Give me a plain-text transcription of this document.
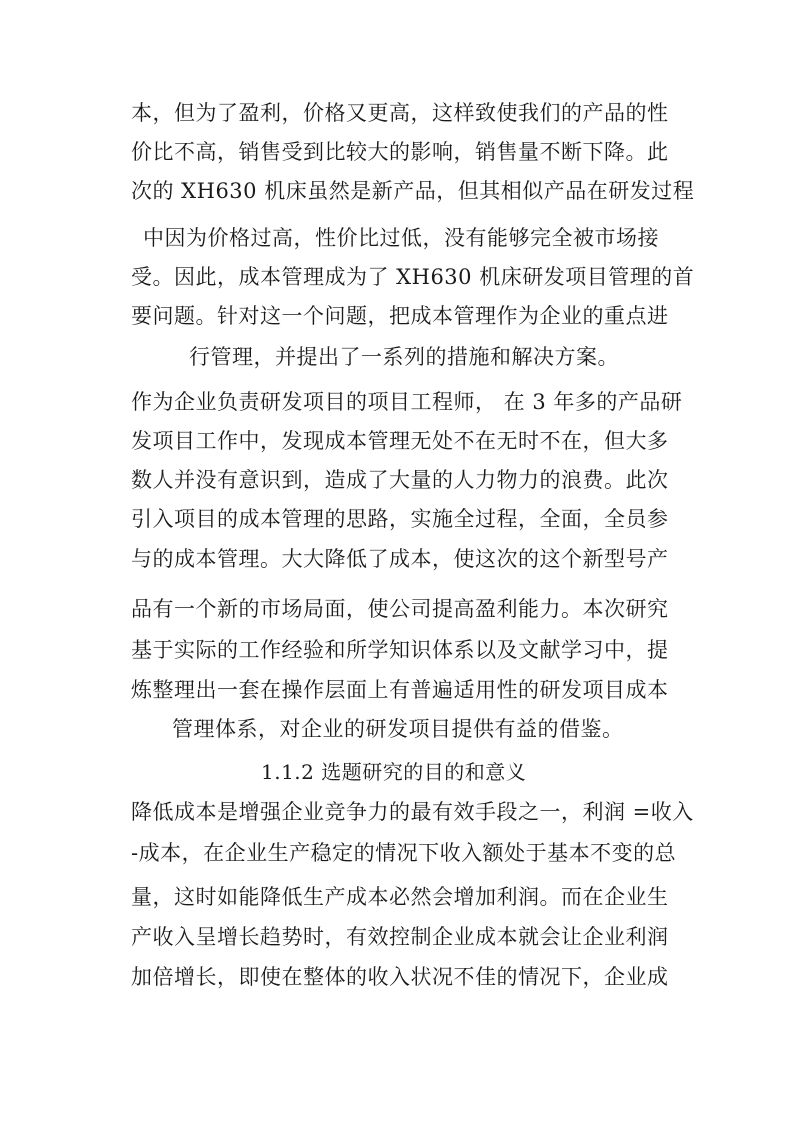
本，但为了盈利，价格又更高，这样致使我们的产品的性
价比不高，销售受到比较大的影响，销售量不断下降。此
次的 XH630 机床虽然是新产品，但其相似产品在研发过程
中因为价格过高，性价比过低，没有能够完全被市场接
受。因此，成本管理成为了 XH630 机床研发项目管理的首
要问题。针对这一个问题，把成本管理作为企业的重点进
行管理，并提出了一系列的措施和解决方案。
作为企业负责研发项目的项目工程师， 在 3 年多的产品研
发项目工作中，发现成本管理无处不在无时不在，但大多
数人并没有意识到，造成了大量的人力物力的浪费。此次
引入项目的成本管理的思路，实施全过程，全面，全员参
与的成本管理。大大降低了成本，使这次的这个新型号产
品有一个新的市场局面，使公司提高盈利能力。本次研究
基于实际的工作经验和所学知识体系以及文献学习中，提
炼整理出一套在操作层面上有普遍适用性的研发项目成本
管理体系，对企业的研发项目提供有益的借鉴。
1.1.2 选题研究的目的和意义
降低成本是增强企业竞争力的最有效手段之一，利润 =收入
-成本，在企业生产稳定的情况下收入额处于基本不变的总
量，这时如能降低生产成本必然会增加利润。而在企业生
产收入呈增长趋势时，有效控制企业成本就会让企业利润
加倍增长，即使在整体的收入状况不佳的情况下，企业成
